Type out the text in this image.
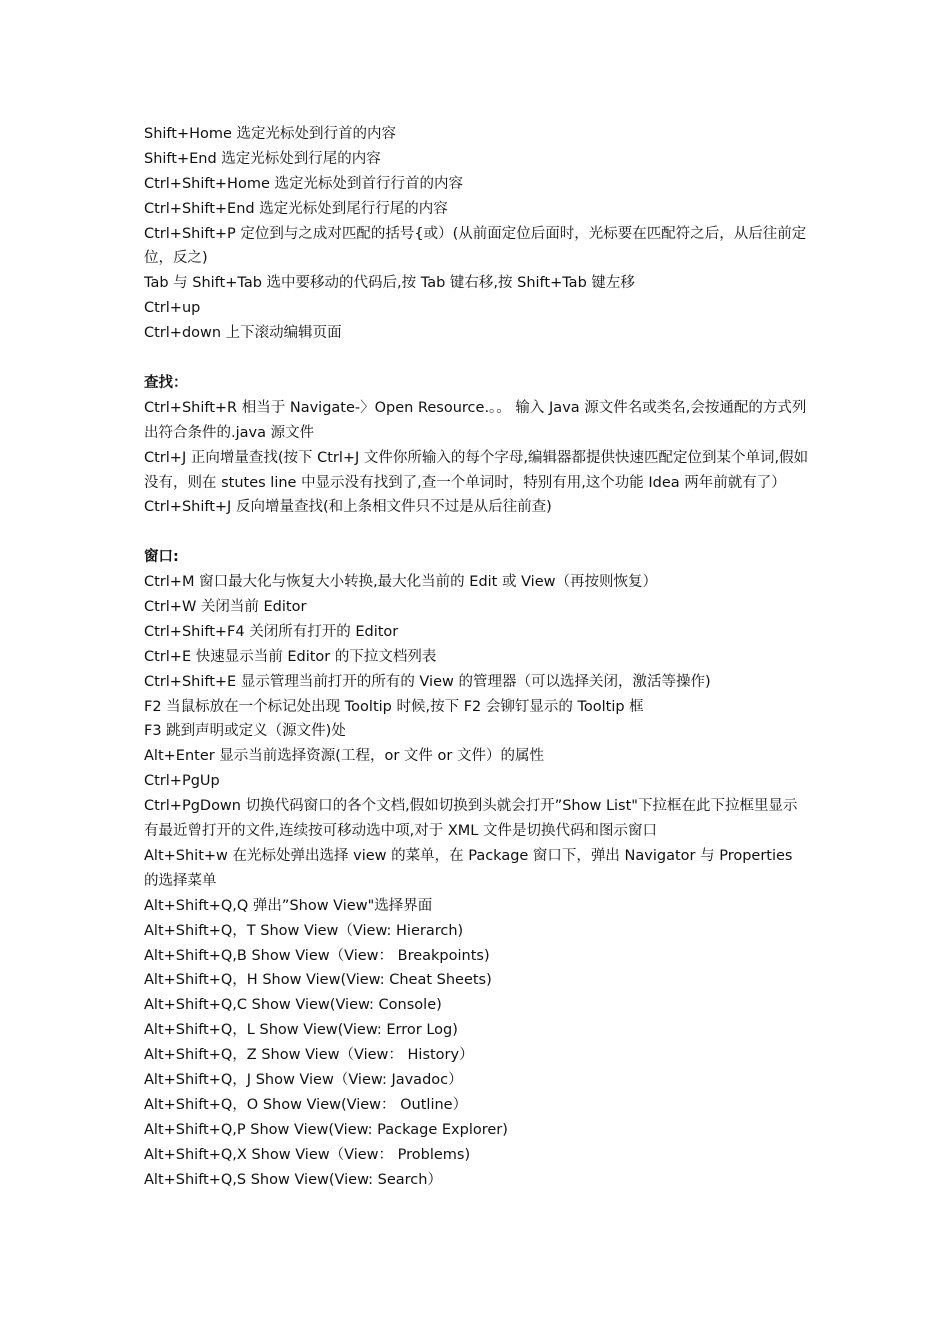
Shift+Home 选定光标处到行首的内容
Shift+End 选定光标处到行尾的内容
Ctrl+Shift+Home 选定光标处到首行行首的内容
Ctrl+Shift+End 选定光标处到尾行行尾的内容
Ctrl+Shift+P 定位到与之成对匹配的括号{或）(从前面定位后面时，光标要在匹配符之后，从后往前定位，反之)
Tab 与 Shift+Tab 选中要移动的代码后,按 Tab 键右移,按 Shift+Tab 键左移
Ctrl+up
Ctrl+down 上下滚动编辑页面
查找：
Ctrl+Shift+R 相当于 Navigate-〉Open Resource.。。 输入 Java 源文件名或类名,会按通配的方式列出符合条件的.java 源文件
Ctrl+J 正向增量查找(按下 Ctrl+J 文件你所输入的每个字母,编辑器都提供快速匹配定位到某个单词,假如没有，则在 stutes line 中显示没有找到了,查一个单词时，特别有用,这个功能 Idea 两年前就有了）
Ctrl+Shift+J 反向增量查找(和上条相文件只不过是从后往前查)
窗口:
Ctrl+M 窗口最大化与恢复大小转换,最大化当前的 Edit 或 View（再按则恢复）
Ctrl+W 关闭当前 Editor
Ctrl+Shift+F4 关闭所有打开的 Editor
Ctrl+E 快速显示当前 Editor 的下拉文档列表
Ctrl+Shift+E 显示管理当前打开的所有的 View 的管理器（可以选择关闭，激活等操作)
F2 当鼠标放在一个标记处出现 Tooltip 时候,按下 F2 会铆钉显示的 Tooltip 框
F3 跳到声明或定义（源文件)处
Alt+Enter 显示当前选择资源(工程，or 文件 or 文件）的属性
Ctrl+PgUp
Ctrl+PgDown 切换代码窗口的各个文档,假如切换到头就会打开”Show List"下拉框在此下拉框里显示有最近曾打开的文件,连续按可移动选中项,对于 XML 文件是切换代码和图示窗口
Alt+Shit+w 在光标处弹出选择 view 的菜单，在 Package 窗口下，弹出 Navigator 与 Properties 的选择菜单
Alt+Shift+Q,Q 弹出”Show View"选择界面
Alt+Shift+Q，T Show View（View: Hierarch)
Alt+Shift+Q,B Show View（View： Breakpoints)
Alt+Shift+Q，H Show View(View: Cheat Sheets)
Alt+Shift+Q,C Show View(View: Console)
Alt+Shift+Q，L Show View(View: Error Log)
Alt+Shift+Q，Z Show View（View： History）
Alt+Shift+Q，J Show View（View: Javadoc）
Alt+Shift+Q，O Show View(View： Outline）
Alt+Shift+Q,P Show View(View: Package Explorer)
Alt+Shift+Q,X Show View（View： Problems)
Alt+Shift+Q,S Show View(View: Search）
